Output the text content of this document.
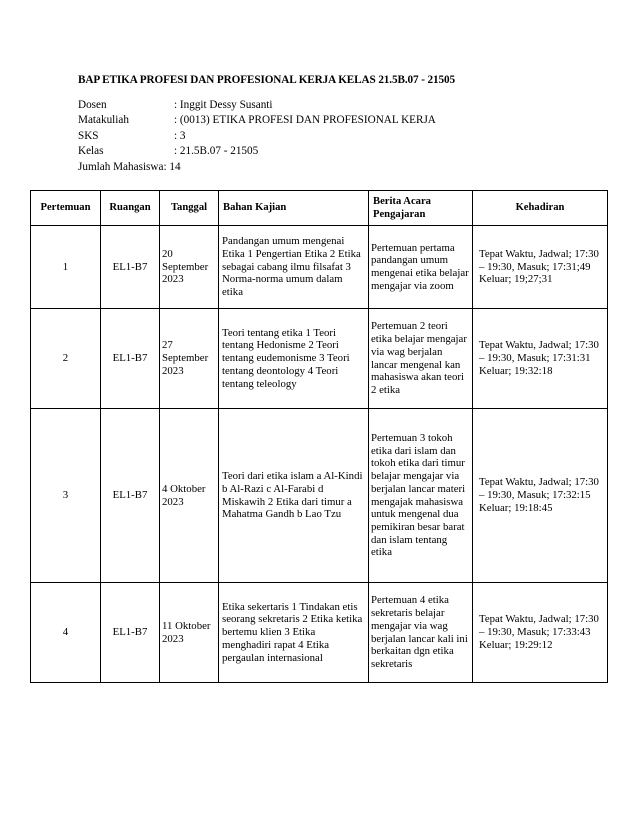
BAP ETIKA PROFESI DAN PROFESIONAL KERJA KELAS 21.5B.07 - 21505
Dosen	: Inggit Dessy Susanti
Matakuliah	: (0013) ETIKA PROFESI DAN PROFESIONAL KERJA
SKS	: 3
Kelas	: 21.5B.07 - 21505
Jumlah Mahasiswa : 14
Pertemuan	Ruangan	Tanggal	Bahan Kajian	Berita Acara Pengajaran	Kehadiran
1	EL1-B7	20 September 2023	Pandangan umum mengenai Etika 1 Pengertian Etika 2 Etika sebagai cabang ilmu filsafat 3 Norma-norma umum dalam etika	Pertemuan pertama pandangan umum mengenai etika belajar mengajar via zoom	Tepat Waktu, Jadwal; 17:30 – 19:30, Masuk; 17:31;49 Keluar; 19;27;31
2	EL1-B7	27 September 2023	Teori tentang etika 1 Teori tentang Hedonisme 2 Teori tentang eudemonisme 3 Teori tentang deontology 4 Teori tentang teleology	Pertemuan 2 teori etika belajar mengajar via wag berjalan lancar mengenal kan mahasiswa akan teori 2 etika	Tepat Waktu, Jadwal; 17:30 – 19:30, Masuk; 17:31:31 Keluar; 19:32:18
3	EL1-B7	4 Oktober 2023	Teori dari etika islam a Al-Kindi b Al-Razi c Al-Farabi d Miskawih 2 Etika dari timur a Mahatma Gandh b Lao Tzu	Pertemuan 3 tokoh etika dari islam dan tokoh etika dari timur belajar mengajar via berjalan lancar materi mengajak mahasiswa untuk mengenal dua pemikiran besar barat dan islam tentang etika	Tepat Waktu, Jadwal; 17:30 – 19:30, Masuk; 17:32:15 Keluar; 19:18:45
4	EL1-B7	11 Oktober 2023	Etika sekertaris 1 Tindakan etis seorang sekretaris 2 Etika ketika bertemu klien 3 Etika menghadiri rapat 4 Etika pergaulan internasional	Pertemuan 4 etika sekretaris belajar mengajar via wag berjalan lancar kali ini berkaitan dgn etika sekretaris	Tepat Waktu, Jadwal; 17:30 – 19:30, Masuk; 17:33:43 Keluar; 19:29:12
